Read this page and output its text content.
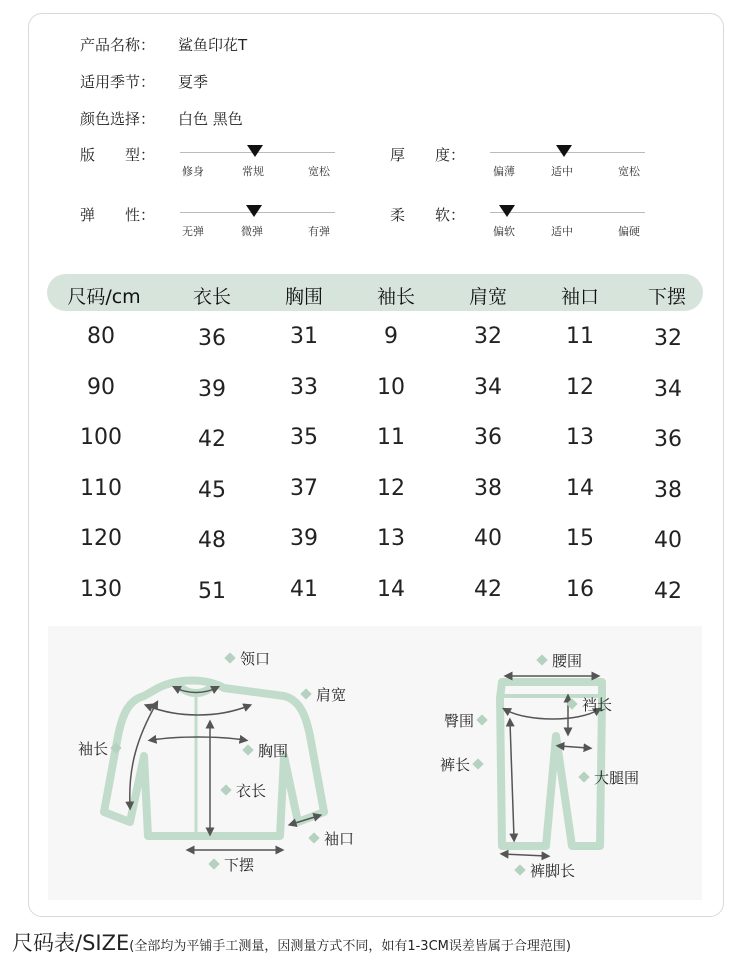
产品名称： 鲨鱼印花T
适用季节： 夏季
颜色选择： 白色 黑色
版　　型：
修身	常规	宽松
厚　　度：
偏薄	适中	宽松
弹　　性：
无弹	微弹	有弹
柔　　软：
偏软	适中	偏硬
尺码/cm	衣长	胸围	袖长	肩宽	袖口	下摆
80	36	31	9	32	11	32
90	39	33	10	34	12	34
100	42	35	11	36	13	36
110	45	37	12	38	14	38
120	48	39	13	40	15	40
130	51	41	14	42	16	42
领口
肩宽
袖长	胸围
衣长
袖口
下摆
腰围
裆长
臀围
裤长
大腿围
裤脚长
尺码表/SIZE(全部均为平铺手工测量，因测量方式不同，如有1-3CM误差皆属于合理范围)
